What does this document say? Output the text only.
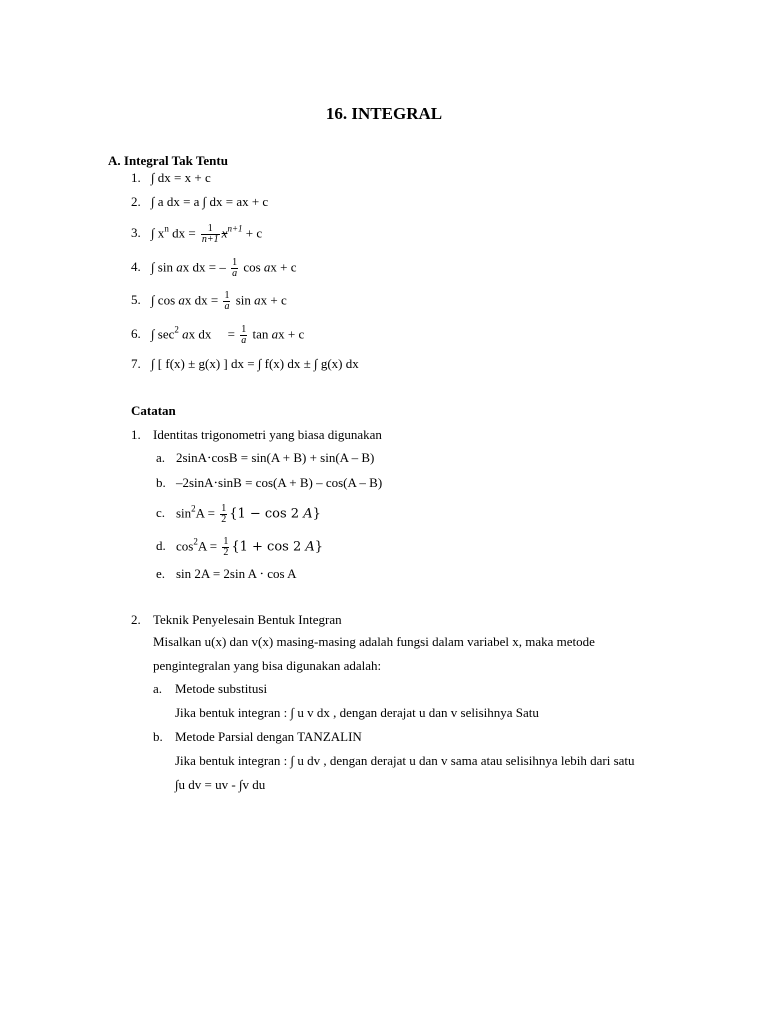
16. INTEGRAL
A. Integral Tak Tentu
1. ∫ dx = x + c
2. ∫ a dx = a ∫ dx = ax + c
3. ∫ $x^n$ dx = $\frac{1}{n+1} x^{n+1} + c$
4. ∫ sin ax dx = – $\frac{1}{a}$ cos ax + c
5. ∫ cos ax dx = $\frac{1}{a}$ sin ax + c
6. ∫ $\sec^2$ ax dx     = $\frac{1}{a}$ tan ax + c
7. ∫ [ f(x) ± g(x) ] dx = ∫ f(x) dx ± ∫ g(x) dx
Catatan
1. Identitas trigonometri yang biasa digunakan
a. 2sinA⋅cosB = sin(A + B) + sin(A – B)
b. –2sinA⋅sinB = cos(A + B) – cos(A – B)
c. $\sin^2A = \frac{1}{2} \{1 - \cos 2$ A}
d. $\cos^2A = \frac{1}{2} \{1 + \cos 2$ A}
e. sin 2A = 2sin A ⋅ cos A
2. Teknik Penyelesain Bentuk Integran
Misalkan u(x) dan v(x) masing-masing adalah fungsi dalam variabel x, maka metode
pengintegralan yang bisa digunakan adalah:
a. Metode substitusi
Jika bentuk integran : ∫ u v dx , dengan derajat u dan v selisihnya Satu
b. Metode Parsial dengan TANZALIN
Jika bentuk integran : ∫ u dv , dengan derajat u dan v sama atau selisihnya lebih dari satu
∫u dv = uv - ∫v du
